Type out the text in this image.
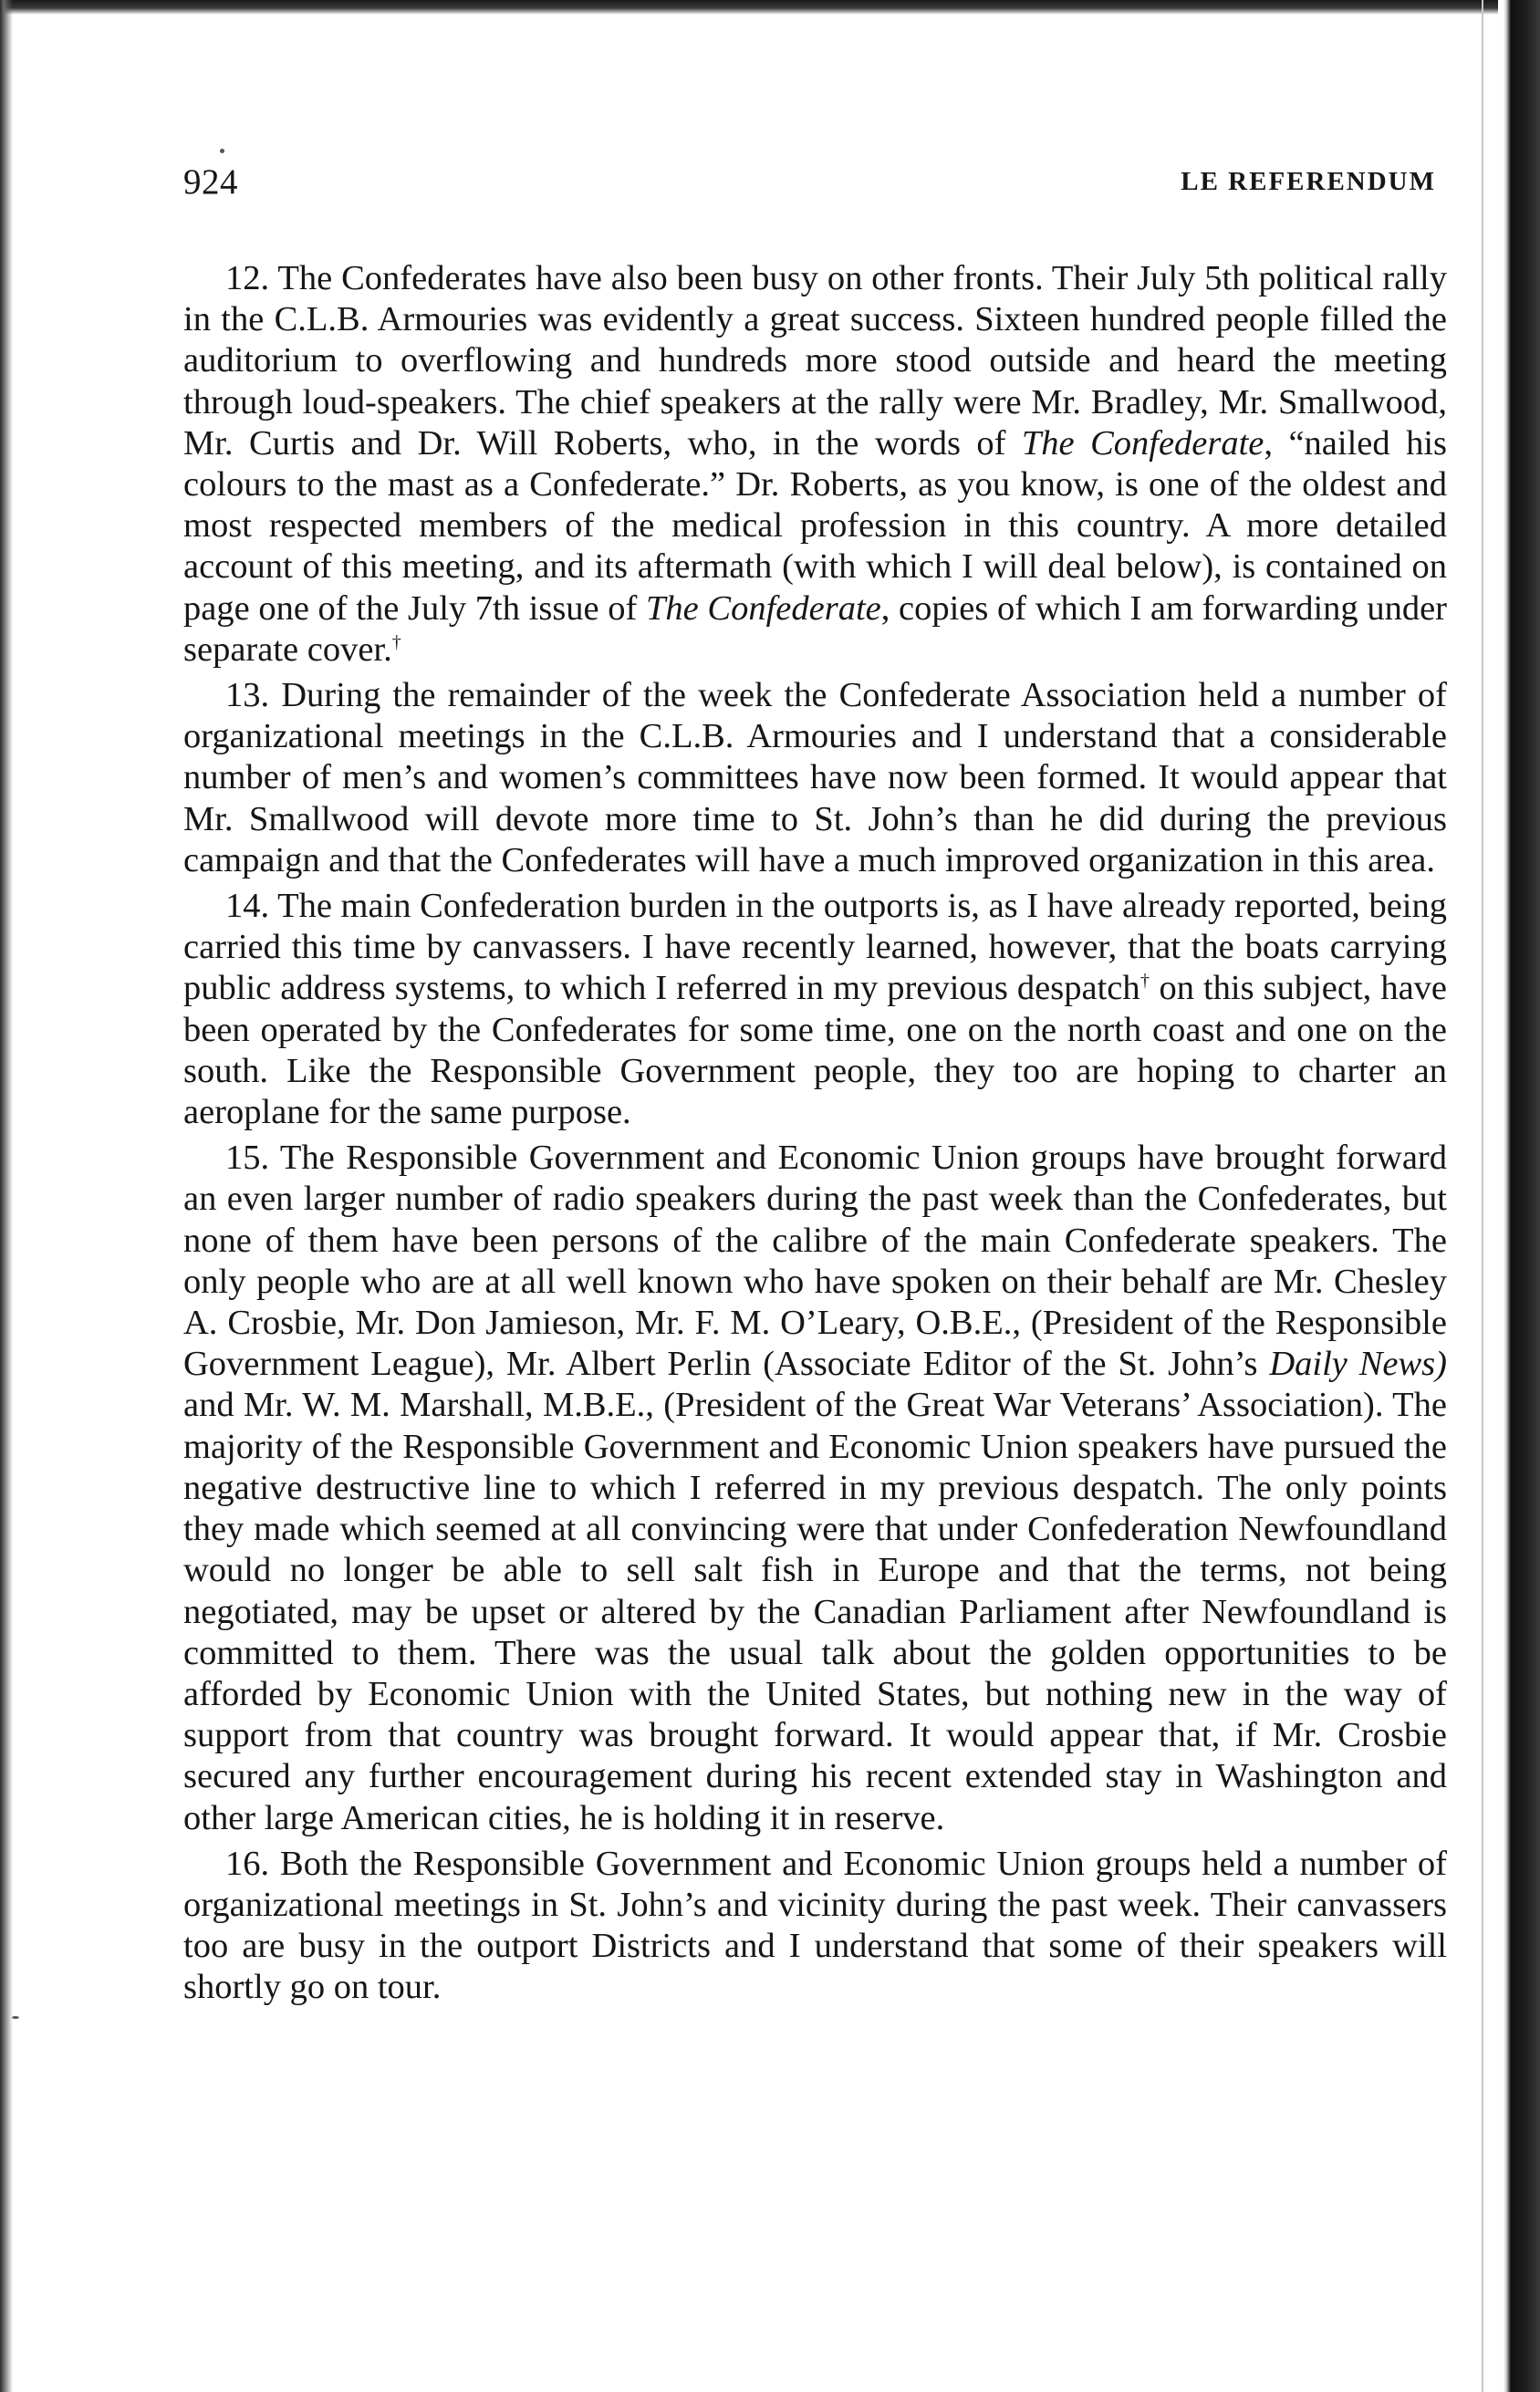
924	LE REFERENDUM

12. The Confederates have also been busy on other fronts. Their July 5th political rally in the C.L.B. Armouries was evidently a great success. Sixteen hundred people filled the auditorium to overflowing and hundreds more stood outside and heard the meeting through loud-speakers. The chief speakers at the rally were Mr. Bradley, Mr. Smallwood, Mr. Curtis and Dr. Will Roberts, who, in the words of The Confederate, “nailed his colours to the mast as a Confederate.” Dr. Roberts, as you know, is one of the oldest and most respected members of the medical profession in this country. A more detailed account of this meeting, and its aftermath (with which I will deal below), is contained on page one of the July 7th issue of The Confederate, copies of which I am forwarding under separate cover.†

13. During the remainder of the week the Confederate Association held a number of organizational meetings in the C.L.B. Armouries and I understand that a considerable number of men’s and women’s committees have now been formed. It would appear that Mr. Smallwood will devote more time to St. John’s than he did during the previous campaign and that the Confederates will have a much improved organization in this area.

14. The main Confederation burden in the outports is, as I have already reported, being carried this time by canvassers. I have recently learned, however, that the boats carrying public address systems, to which I referred in my previous despatch† on this subject, have been operated by the Confederates for some time, one on the north coast and one on the south. Like the Responsible Government people, they too are hoping to charter an aeroplane for the same purpose.

15. The Responsible Government and Economic Union groups have brought forward an even larger number of radio speakers during the past week than the Confederates, but none of them have been persons of the calibre of the main Confederate speakers. The only people who are at all well known who have spoken on their behalf are Mr. Chesley A. Crosbie, Mr. Don Jamieson, Mr. F. M. O’Leary, O.B.E., (President of the Responsible Government League), Mr. Albert Perlin (Associate Editor of the St. John’s Daily News) and Mr. W. M. Marshall, M.B.E., (President of the Great War Veterans’ Association). The majority of the Responsible Government and Economic Union speakers have pursued the negative destructive line to which I referred in my previous despatch. The only points they made which seemed at all convincing were that under Confederation Newfoundland would no longer be able to sell salt fish in Europe and that the terms, not being negotiated, may be upset or altered by the Canadian Parliament after Newfoundland is committed to them. There was the usual talk about the golden opportunities to be afforded by Economic Union with the United States, but nothing new in the way of support from that country was brought forward. It would appear that, if Mr. Crosbie secured any further encouragement during his recent extended stay in Washington and other large American cities, he is holding it in reserve.

16. Both the Responsible Government and Economic Union groups held a number of organizational meetings in St. John’s and vicinity during the past week. Their canvassers too are busy in the outport Districts and I understand that some of their speakers will shortly go on tour.
